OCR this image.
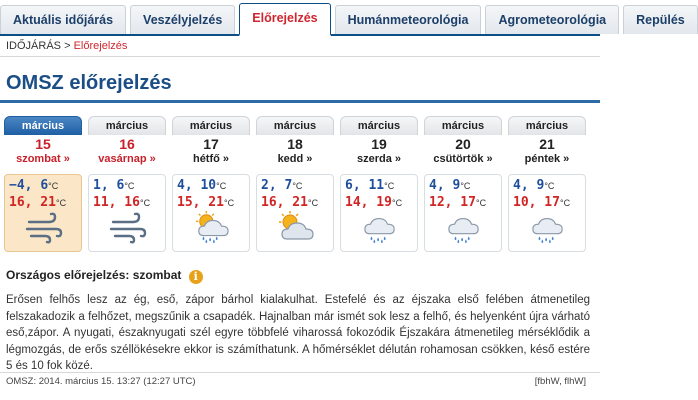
Aktuális időjárás	Veszélyjelzés	Előrejelzés	Humánmeteorológia	Agrometeorológia	Repülés
IDŐJÁRÁS > Előrejelzés
OMSZ előrejelzés
március
15
szombat »
−4, 6°C
16, 21°C
március
16
vasárnap »
1, 6°C
11, 16°C
március
17
hétfő »
4, 10°C
15, 21°C
március
18
kedd »
2, 7°C
16, 21°C
március
19
szerda »
6, 11°C
14, 19°C
március
20
csütörtök »
4, 9°C
12, 17°C
március
21
péntek »
4, 9°C
10, 17°C
Országos előrejelzés: szombat i
Erősen felhős lesz az ég, eső, zápor bárhol kialakulhat. Estefelé és az éjszaka első felében átmenetileg felszakadozik a felhőzet, megszűnik a csapadék. Hajnalban már ismét sok lesz a felhő, és helyenként újra várható eső,zápor. A nyugati, északnyugati szél egyre többfelé viharossá fokozódik Éjszakára átmenetileg mérséklődik a légmozgás, de erős széllökésekre ekkor is számíthatunk. A hőmérséklet délután rohamosan csökken, késő estére 5 és 10 fok közé.
OMSZ: 2014. március 15. 13:27 (12:27 UTC)	[fbhW, flhW]
